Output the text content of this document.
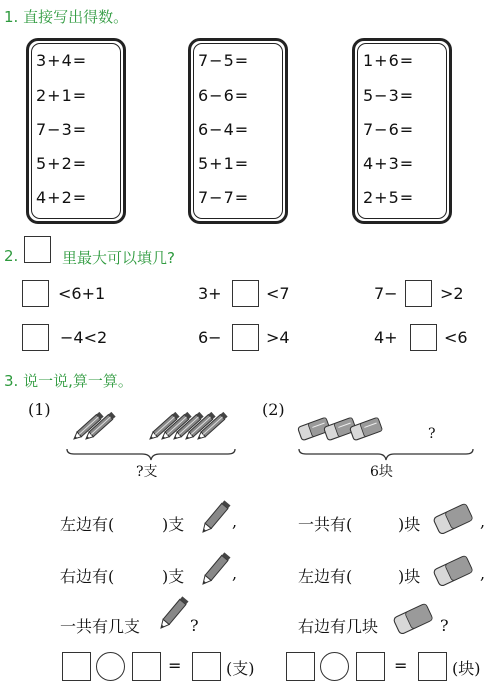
1. 直接写出得数。
3+4=
2+1=
7−3=
5+2=
4+2=
7−5=
6−6=
6−4=
5+1=
7−7=
1+6=
5−3=
7−6=
4+3=
2+5=
2.	里最大可以填几?
<6+1	3+	<7	7−	>2
−4<2	6−	>4	4+	<6
3. 说一说,算一算。
(1)
?支
(2)
?
6块
左边有(	)支	,
右边有(	)支	,
一共有几支	?
一共有(	)块	,
左边有(	)块	,
右边有几块	?
=	(支)	=	(块)
